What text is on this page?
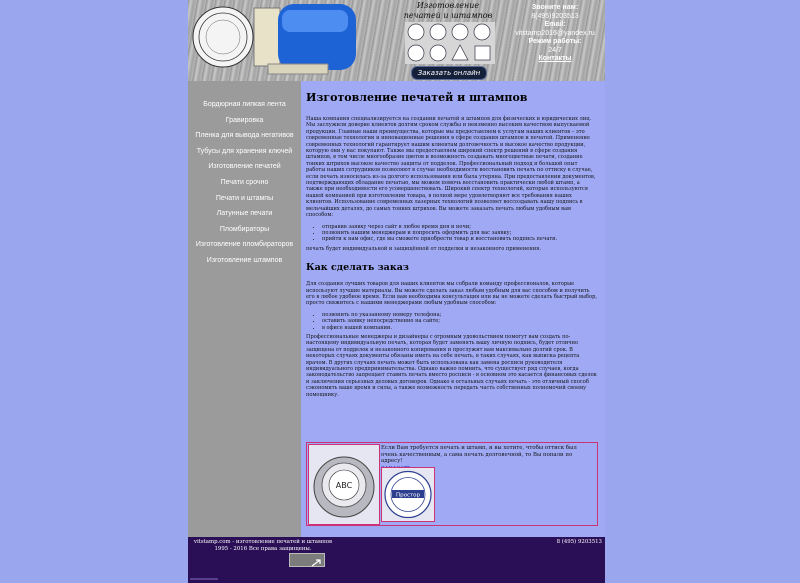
Изготовление печатей и штампов
Заказать онлайн
Звоните нам:
8(495)9203513
Email:
vitstamp2016@yandex.ru
Режим работы:
24/7
Контакты
Бордюрная липкая лента
Гравировка
Пленка для вывода негативов
Тубусы для хранения ключей
Изготовление печатей
Печати срочно
Печати и штампы
Латунные печати
Пломбираторы
Изготовление пломбираторов
Изготовление штампов
Изготовление печатей и штампов

Наша компания специализируется на создании печатей и штампов для физических и юридических лиц. Мы заслужили доверие клиентов долгим сроком службы и неизменно высоким качеством выпускаемой продукции. Главные наши преимущества, которые мы предоставляем к услугам наших клиентов – это современные технологии и инновационные решения в сфере создания штампов и печатей. Применение современных технологий гарантирует нашим клиентам долговечность и высокое качество продукции, которую они у нас покупают. Также мы предоставляем широкий спектр решений в сфере создания штампов, в том числе многообразие цветов и возможность создавать многоцветные печати, создание тонких штрихов высокое качество защиты от подделок. Профессиональный подход и большой опыт работы наших сотрудников позволяют в случае необходимости восстановить печать по оттиску в случае, если печать износилась из-за долгого использования или была утеряна. При предоставлении документов, подтверждающих обладание печатью, мы можем помочь восстановить практически любой штамп, а также при необходимости его усовершенствовать. Широкий спектр технологий, которые используются нашей компанией при изготовлении товара, в полной мере удовлетворяют все требования наших клиентов. Использование современных лазерных технологий позволяет воссоздавать нашу подпись в мельчайших деталях, до самых тонких штрихов. Вы можете заказать печать любым удобным вам способом:

• отправив заявку через сайт в любое время дня и ночи;
• позвонить нашим менеджерам и попросить оформить для вас заявку;
• прийти к нам офис, где вы сможете приобрести товар и восстановить подпись печати.

печать будет индивидуальной и защищённой от подделки и незаконного применения.

Как сделать заказ

Для создания лучших товаров для наших клиентов мы собрали команду профессионалов, которые используют лучшие материалы. Вы можете сделать заказ любым удобным для вас способом и получить его в любое удобное время. Если вам необходима консультация или вы не можете сделать быстрый выбор, просто свяжитесь с нашими менеджерами любым удобным способом:

• позвонить по указанному номеру телефона;
• оставить заявку непосредственно на сайте;
• в офисе нашей компании.

Профессиональные менеджеры и дизайнеры с огромным удовольствием помогут вам создать по-настоящему индивидуальную печать, которая будет заменять вашу личную подпись, будет отлично защищена от подделок и незаконного копирования и прослужит вам максимально долгий срок. В некоторых случаях документы обязаны иметь на себе печать, в таких случаях, как выписка рецепта врачом. В других случаях печать может быть использована как замена росписи руководителя индивидуального предпринимательства. Однако важно помнить, что существует ряд случаев, когда законодательство запрещает ставить печать вместо росписи - в основном это касается финансовых сделок и заключения серьезных деловых договоров. Однако в остальных случаях печать - это отличный способ сэкономить ваше время и силы, а также возможность передать часть собственных полномочий своему помощнику.

ABC
Если Вам требуется печать и штамп, и вы хотите, чтобы оттиск был очень качественным, а сама печать долговечной, то Вы попали по адресу!
Простор
vitstamp.com - изготовление печатей и штампов
1995 - 2016 Все права защищены.
8 (495) 9203513
